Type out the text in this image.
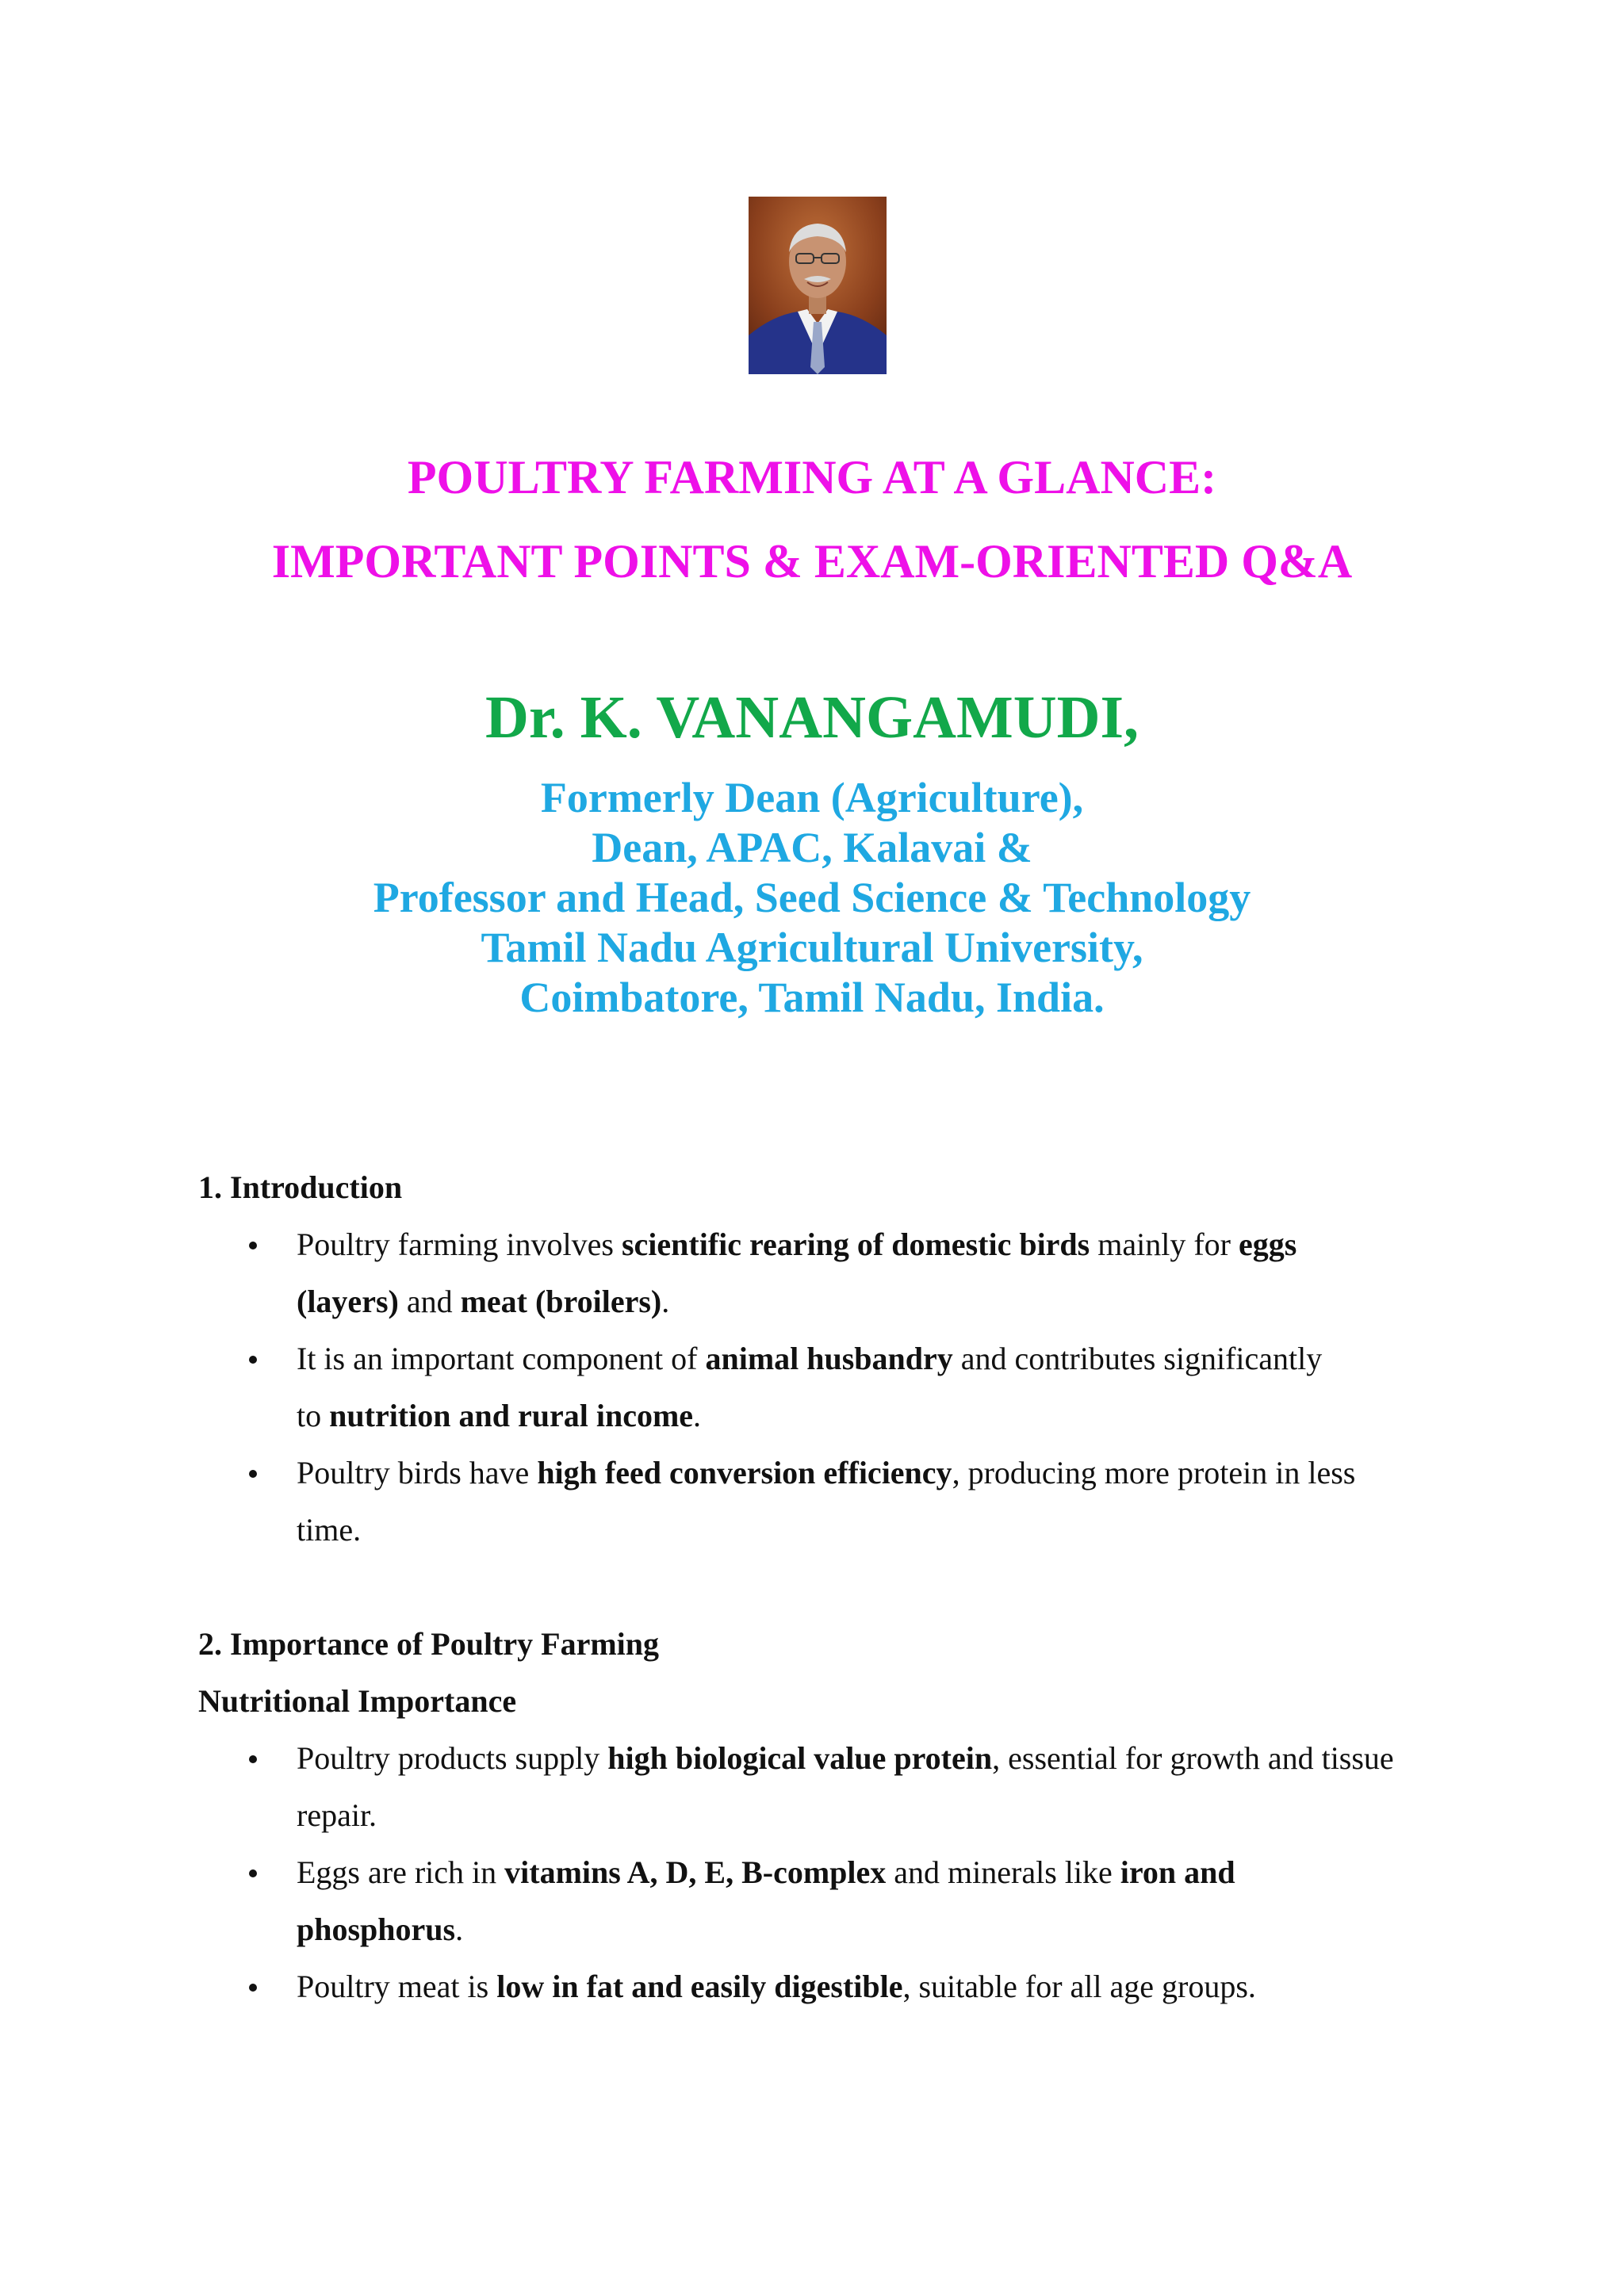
POULTRY FARMING AT A GLANCE:
IMPORTANT POINTS & EXAM-ORIENTED Q&A
Dr. K. VANANGAMUDI,
Formerly Dean (Agriculture),
Dean, APAC, Kalavai &
Professor and Head, Seed Science & Technology
Tamil Nadu Agricultural University,
Coimbatore, Tamil Nadu, India.
1. Introduction
Poultry farming involves scientific rearing of domestic birds mainly for eggs
(layers) and meat (broilers).
It is an important component of animal husbandry and contributes significantly
to nutrition and rural income.
Poultry birds have high feed conversion efficiency, producing more protein in less
time.
2. Importance of Poultry Farming
Nutritional Importance
Poultry products supply high biological value protein, essential for growth and tissue
repair.
Eggs are rich in vitamins A, D, E, B-complex and minerals like iron and
phosphorus.
Poultry meat is low in fat and easily digestible, suitable for all age groups.
